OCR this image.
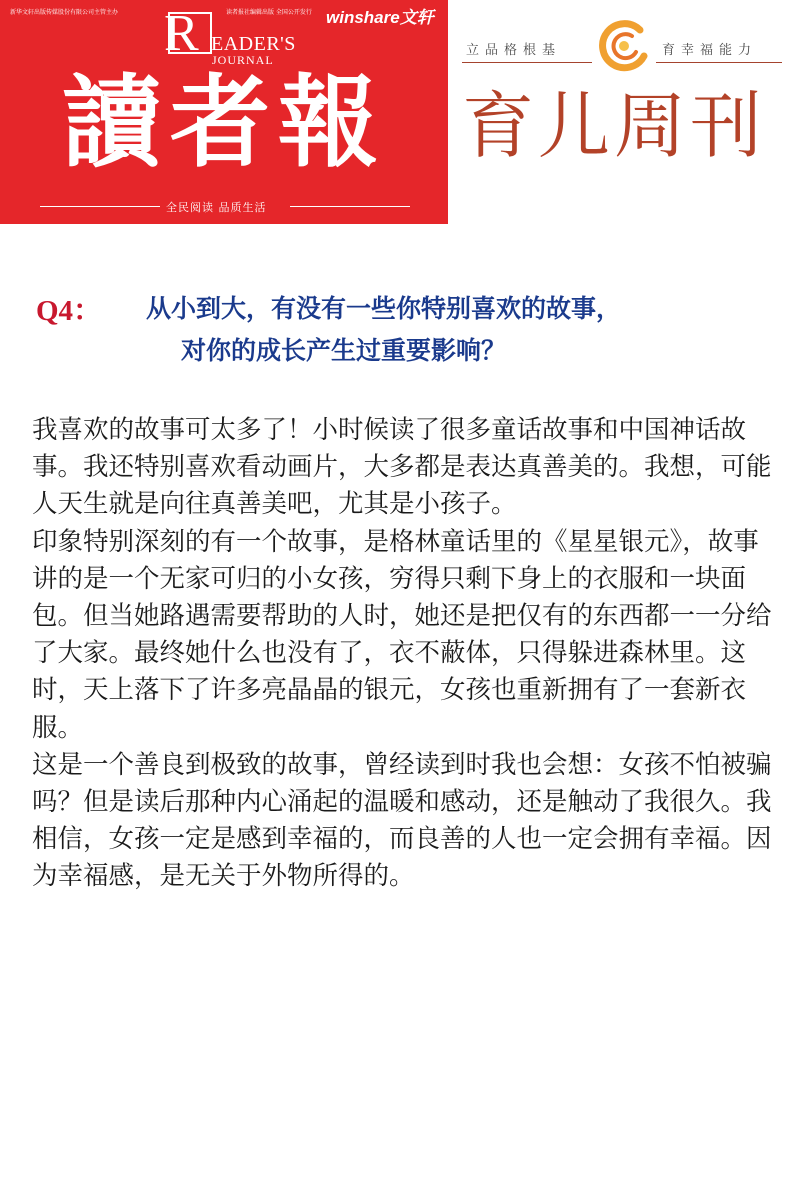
新华文轩出版传媒股份有限公司主管主办	读者报社编辑出版 全国公开发行
R EADER'S
JOURNAL
winshare文轩
讀者報
全民阅读 品质生活
立品格根基	育幸福能力
育儿周刊
Q4： 从小到大，有没有一些你特别喜欢的故事，
对你的成长产生过重要影响？

我喜欢的故事可太多了！小时候读了很多童话故事和中国神话故事。我还特别喜欢看动画片，大多都是表达真善美的。我想，可能人天生就是向往真善美吧，尤其是小孩子。

印象特别深刻的有一个故事，是格林童话里的《星星银元》，故事讲的是一个无家可归的小女孩，穷得只剩下身上的衣服和一块面包。但当她路遇需要帮助的人时，她还是把仅有的东西都一一分给了大家。最终她什么也没有了，衣不蔽体，只得躲进森林里。这时，天上落下了许多亮晶晶的银元，女孩也重新拥有了一套新衣服。

这是一个善良到极致的故事，曾经读到时我也会想：女孩不怕被骗吗？但是读后那种内心涌起的温暖和感动，还是触动了我很久。我相信，女孩一定是感到幸福的，而良善的人也一定会拥有幸福。因为幸福感，是无关于外物所得的。
